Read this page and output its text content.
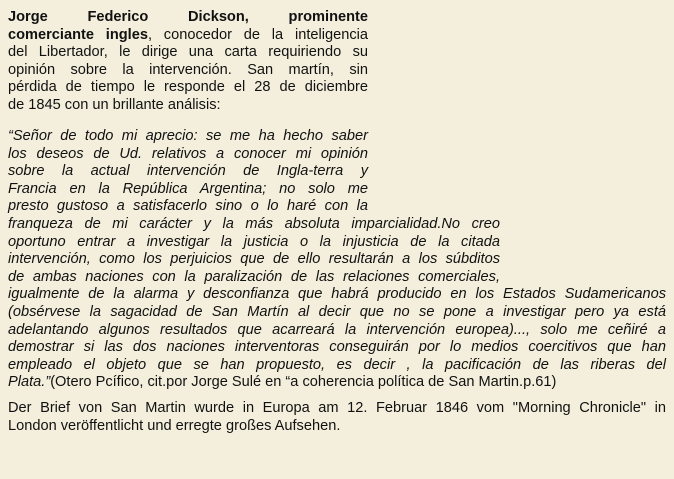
Jorge Federico Dickson, prominente
comerciante ingles, conocedor de la inteligencia
del Libertador, le dirige una carta requiriendo su
opinión sobre la intervención. San martín, sin
pérdida de tiempo le responde el 28 de diciembre
de 1845 con un brillante análisis:
“Señor de todo mi aprecio: se me ha hecho saber
los deseos de Ud. relativos a conocer mi opinión
sobre la actual intervención de Ingla-terra y
Francia en la República Argentina; no solo me
presto gustoso a satisfacerlo sino o lo haré con la
franqueza de mi carácter y la más absoluta imparcialidad.No creo
oportuno entrar a investigar la justicia o la injusticia de la citada
intervención, como los perjuicios que de ello resultarán a los súbditos
de ambas naciones con la paralización de las relaciones comerciales,
igualmente de la alarma y desconfianza que habrá producido en los Estados Sudamericanos
(obsérvese la sagacidad de San Martín al decir que no se pone a investigar pero ya está
adelantando algunos resultados que acarreará la intervención europea)..., solo me ceñiré a
demostrar si las dos naciones interventoras conseguirán por lo medios coercitivos que han
empleado el objeto que se han propuesto, es decir , la pacificación de las riberas del
Plata.”(Otero Pcífico, cit.por Jorge Sulé en “a coherencia política de San Martin.p.61)
Der Brief von San Martin wurde in Europa am 12. Februar 1846 vom "Morning Chronicle" in
London veröffentlicht und erregte großes Aufsehen.
